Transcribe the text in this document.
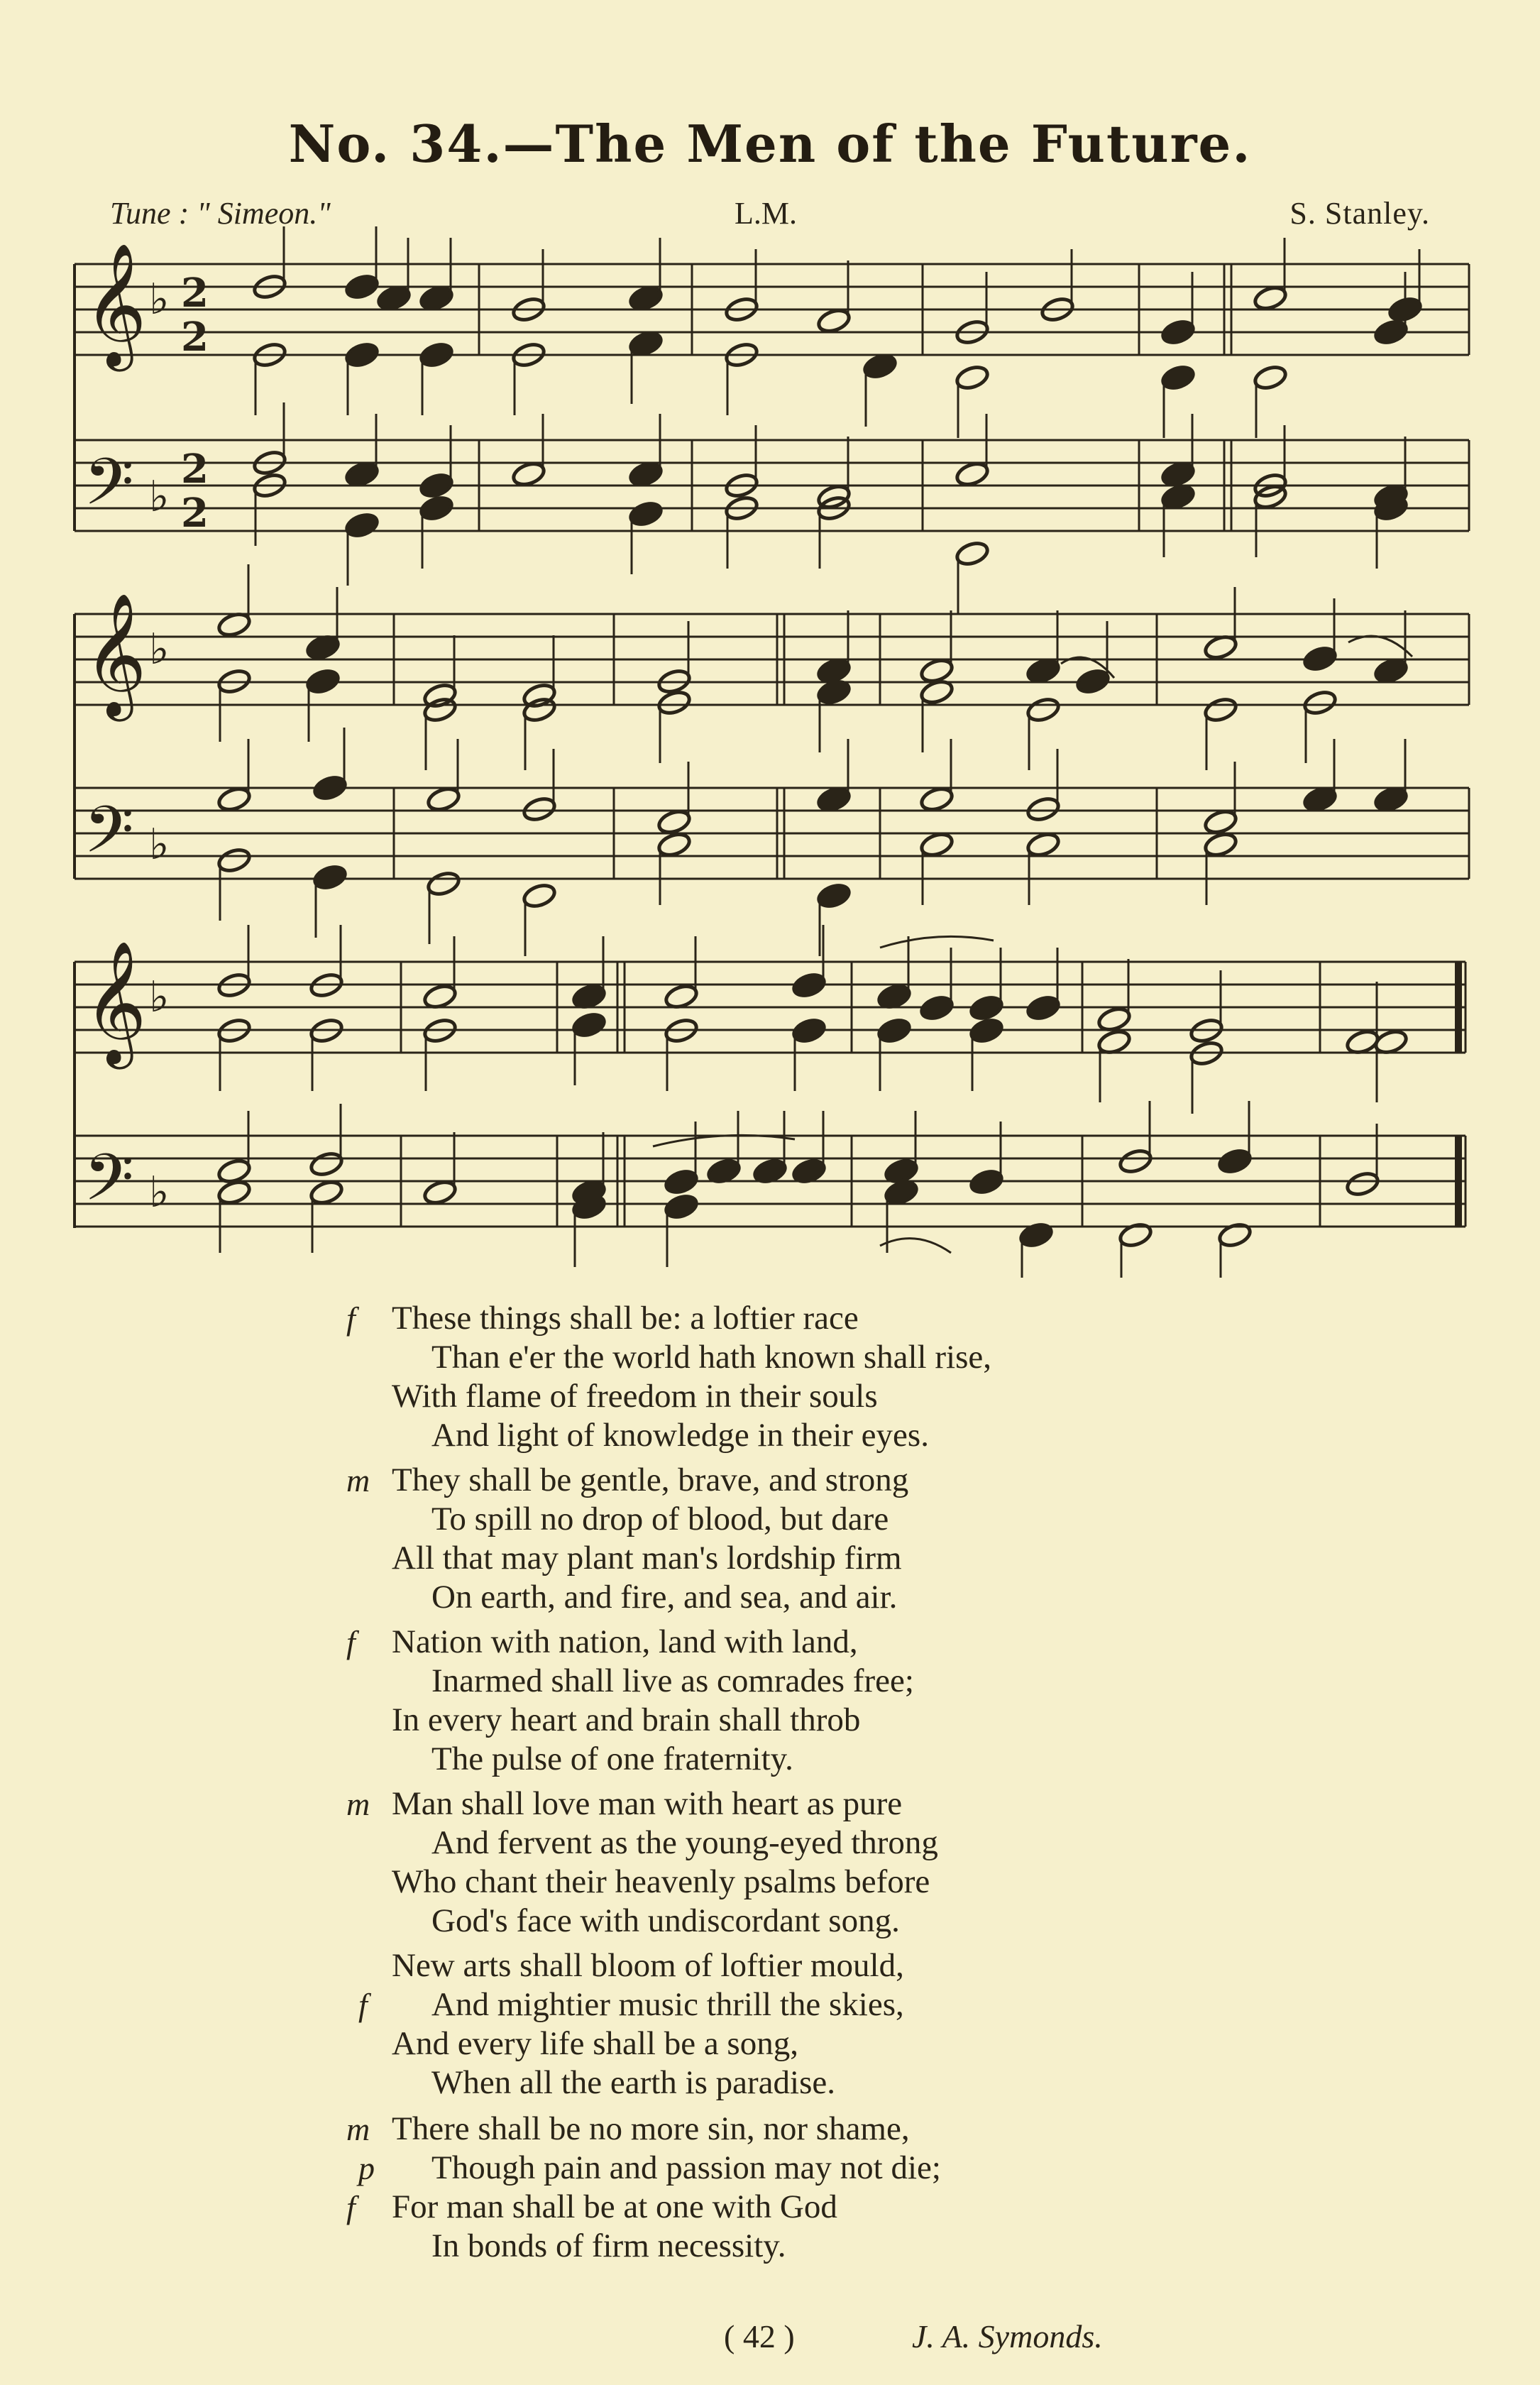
No. 34.—The Men of the Future.
Tune : " Simeon."	L.M.	S. Stanley.
𝄞 ♭
𝄢 ♭
𝄞 ♭
𝄢 ♭
𝄞 ♭
𝄢 ♭
2
2
2
2
f These things shall be: a loftier race
Than e'er the world hath known shall rise,
With flame of freedom in their souls
And light of knowledge in their eyes.
m They shall be gentle, brave, and strong
To spill no drop of blood, but dare
All that may plant man's lordship firm
On earth, and fire, and sea, and air.
f Nation with nation, land with land,
Inarmed shall live as comrades free;
In every heart and brain shall throb
The pulse of one fraternity.
m Man shall love man with heart as pure
And fervent as the young-eyed throng
Who chant their heavenly psalms before
God's face with undiscordant song.
New arts shall bloom of loftier mould,
f And mightier music thrill the skies,
And every life shall be a song,
When all the earth is paradise.
m There shall be no more sin, nor shame,
p Though pain and passion may not die;
f For man shall be at one with God
In bonds of firm necessity.
( 42 )	J. A. Symonds.
